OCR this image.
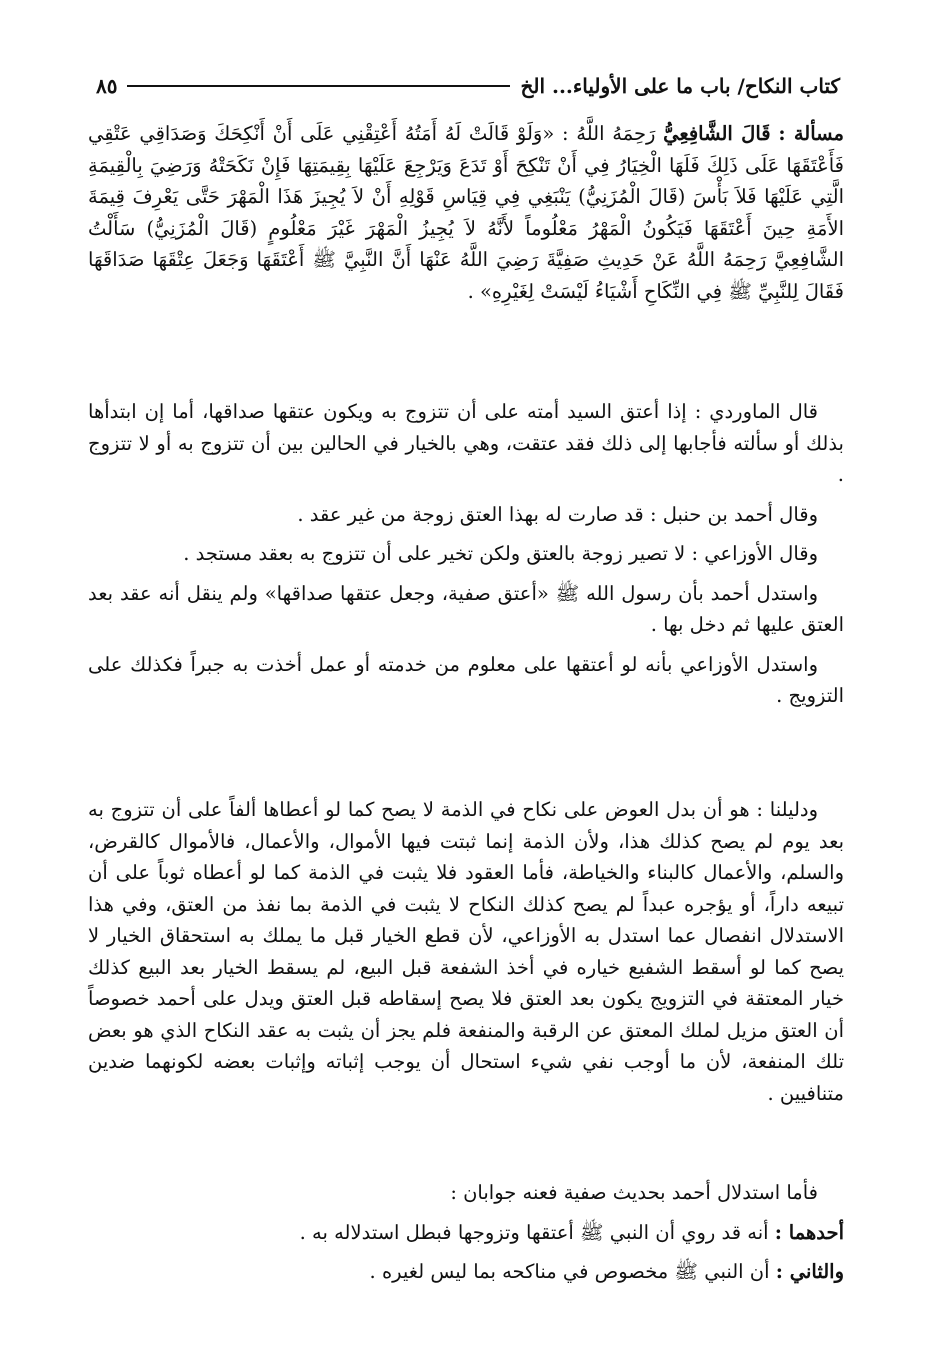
كتاب النكاح/ باب ما على الأولياء... الخ
٨٥

مسألة : قَالَ الشَّافِعِيُّ رَحِمَهُ اللَّهُ : «وَلَوْ قَالَتْ لَهُ أَمَتُهُ أَعْتِقْنِي عَلَى أَنْ أَنْكِحَكَ وَصَدَاقِي عَتْقِي فَأَعْتَقَهَا عَلَى ذَلِكَ فَلَهَا الْخِيَارُ فِي أَنْ تَنْكِحَ أَوْ تَدَعَ وَيَرْجِعَ عَلَيْهَا بِقِيمَتِهَا فَإِنْ نَكَحَتْهُ وَرَضِيَ بِالْقِيمَةِ الَّتِي عَلَيْهَا فَلاَ بَأْسَ (قَالَ الْمُزَنِيُّ) يَنْبَغِي فِي قِيَاسِ قَوْلِهِ أَنْ لاَ يُجِيزَ هَذَا الْمَهْرَ حَتَّى يَعْرِفَ قِيمَةَ الأَمَةِ حِينَ أَعْتَقَهَا فَيَكُونُ الْمَهْرُ مَعْلُوماً لأَنَّهُ لاَ يُجِيزُ الْمَهْرَ غَيْرَ مَعْلُومٍ (قَالَ الْمُزَنِيُّ) سَأَلْتُ الشَّافِعِيَّ رَحِمَهُ اللَّهُ عَنْ حَدِيثِ صَفِيَّةَ رَضِيَ اللَّهُ عَنْهَا أَنَّ النَّبِيَّ ﷺ أَعْتَقَهَا وَجَعَلَ عِتْقَهَا صَدَاقَهَا فَقَالَ لِلنَّبِيِّ ﷺ فِي النِّكَاحِ أَشْيَاءُ لَيْسَتْ لِغَيْرِهِ» .

قال الماوردي : إذا أعتق السيد أمته على أن تتزوج به ويكون عتقها صداقها، أما إن ابتدأها بذلك أو سألته فأجابها إلى ذلك فقد عتقت، وهي بالخيار في الحالين بين أن تتزوج به أو لا تتزوج .

وقال أحمد بن حنبل : قد صارت له بهذا العتق زوجة من غير عقد .

وقال الأوزاعي : لا تصير زوجة بالعتق ولكن تخير على أن تتزوج به بعقد مستجد .

واستدل أحمد بأن رسول الله ﷺ «أعتق صفية، وجعل عتقها صداقها» ولم ينقل أنه عقد بعد العتق عليها ثم دخل بها .

واستدل الأوزاعي بأنه لو أعتقها على معلوم من خدمته أو عمل أخذت به جبراً فكذلك على التزويج .

ودليلنا : هو أن بدل العوض على نكاح في الذمة لا يصح كما لو أعطاها ألفاً على أن تتزوج به بعد يوم لم يصح كذلك هذا، ولأن الذمة إنما ثبتت فيها الأموال، والأعمال، فالأموال كالقرض، والسلم، والأعمال كالبناء والخياطة، فأما العقود فلا يثبت في الذمة كما لو أعطاه ثوباً على أن تبيعه داراً، أو يؤجره عبداً لم يصح كذلك النكاح لا يثبت في الذمة بما نفذ من العتق، وفي هذا الاستدلال انفصال عما استدل به الأوزاعي، لأن قطع الخيار قبل ما يملك به استحقاق الخيار لا يصح كما لو أسقط الشفيع خياره في أخذ الشفعة قبل البيع، لم يسقط الخيار بعد البيع كذلك خيار المعتقة في التزويج يكون بعد العتق فلا يصح إسقاطه قبل العتق ويدل على أحمد خصوصاً أن العتق مزيل لملك المعتق عن الرقبة والمنفعة فلم يجز أن يثبت به عقد النكاح الذي هو بعض تلك المنفعة، لأن ما أوجب نفي شيء استحال أن يوجب إثباته وإثبات بعضه لكونهما ضدين متنافيين .

فأما استدلال أحمد بحديث صفية فعنه جوابان :

أحدهما : أنه قد روي أن النبي ﷺ أعتقها وتزوجها فبطل استدلاله به .

والثاني : أن النبي ﷺ مخصوص في مناكحه بما ليس لغيره .
